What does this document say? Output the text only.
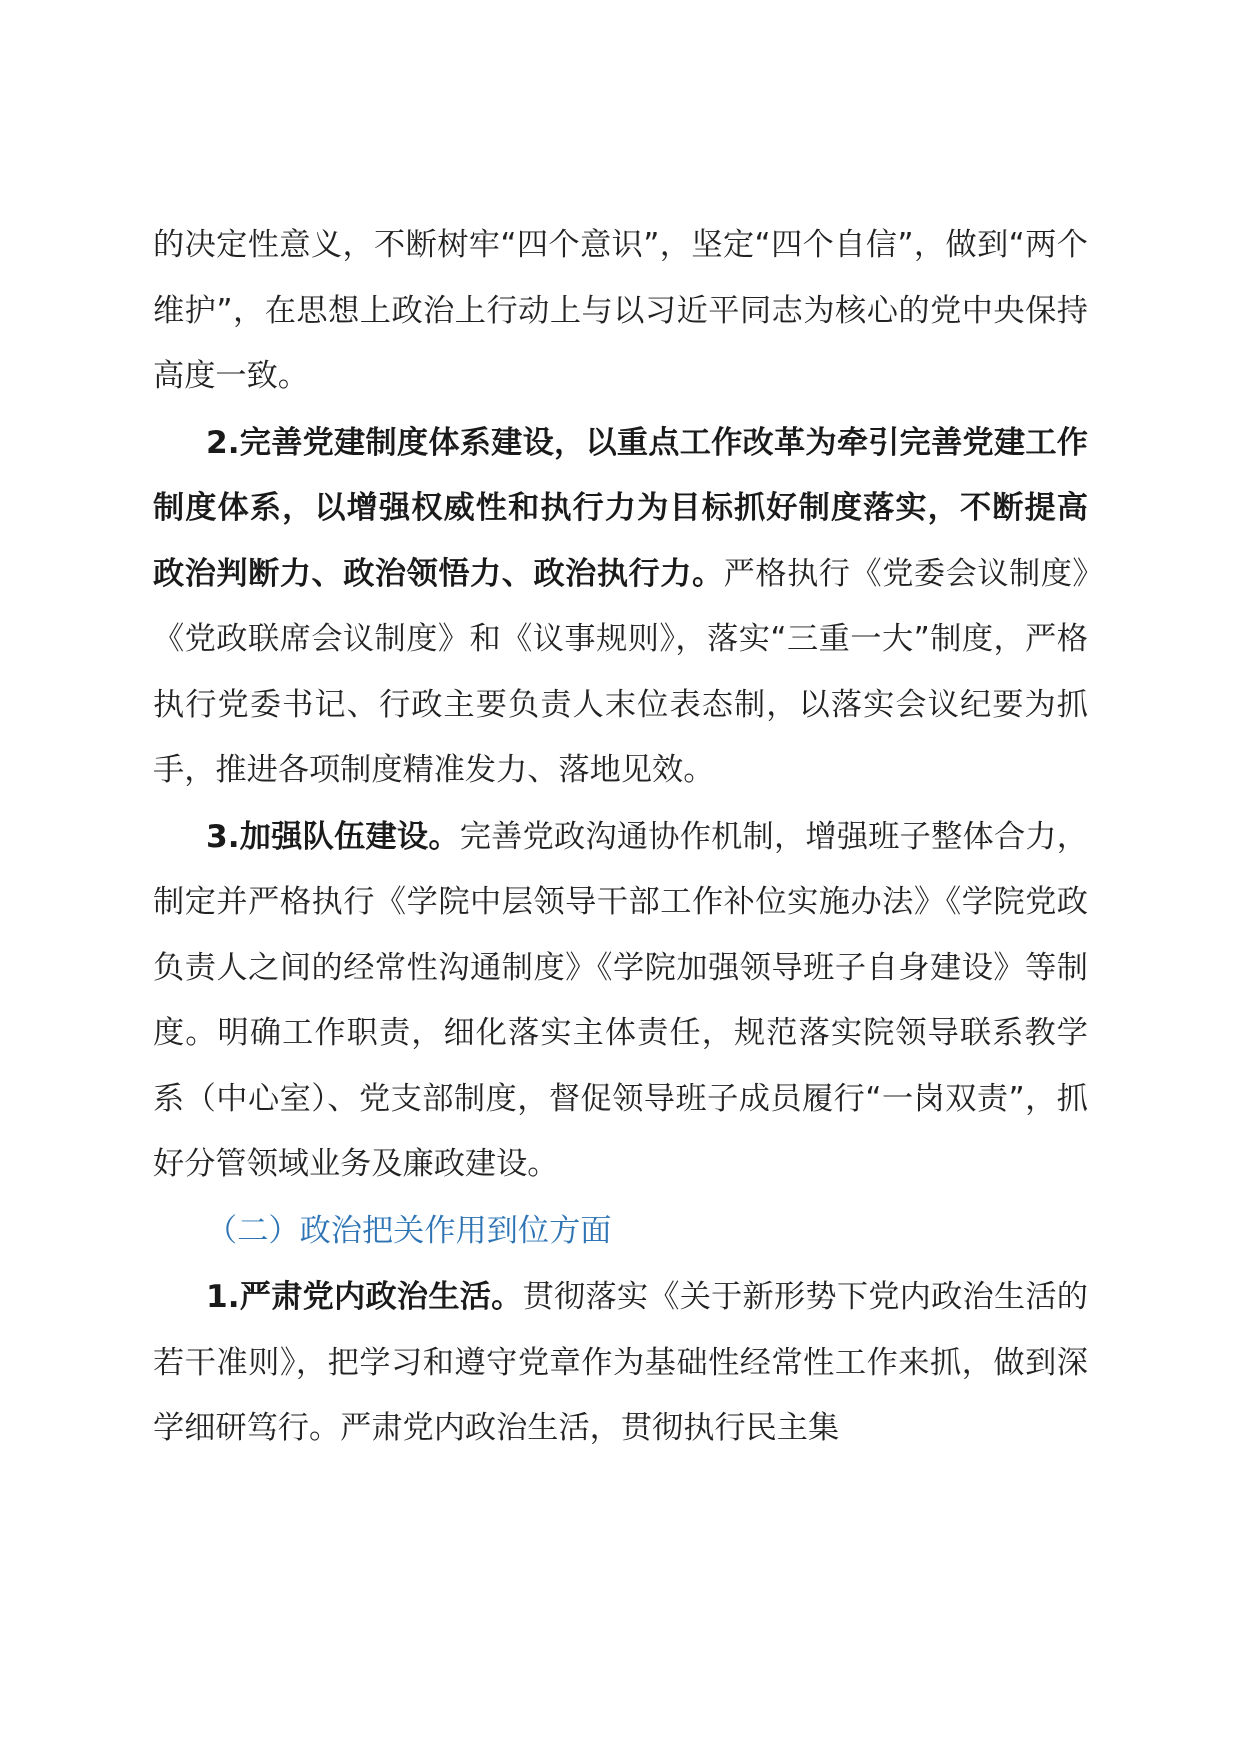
的决定性意义，不断树牢“四个意识”，坚定“四个自信”，做到“两个维护”，在思想上政治上行动上与以习近平同志为核心的党中央保持高度一致。

2.完善党建制度体系建设，以重点工作改革为牵引完善党建工作制度体系，以增强权威性和执行力为目标抓好制度落实，不断提高政治判断力、政治领悟力、政治执行力。严格执行《党委会议制度》《党政联席会议制度》和《议事规则》，落实“三重一大”制度，严格执行党委书记、行政主要负责人末位表态制，以落实会议纪要为抓手，推进各项制度精准发力、落地见效。

3.加强队伍建设。完善党政沟通协作机制，增强班子整体合力，制定并严格执行《学院中层领导干部工作补位实施办法》《学院党政负责人之间的经常性沟通制度》《学院加强领导班子自身建设》等制度。明确工作职责，细化落实主体责任，规范落实院领导联系教学系（中心室）、党支部制度，督促领导班子成员履行“一岗双责”，抓好分管领域业务及廉政建设。

（二）政治把关作用到位方面

1.严肃党内政治生活。贯彻落实《关于新形势下党内政治生活的若干准则》，把学习和遵守党章作为基础性经常性工作来抓，做到深学细研笃行。严肃党内政治生活，贯彻执行民主集
